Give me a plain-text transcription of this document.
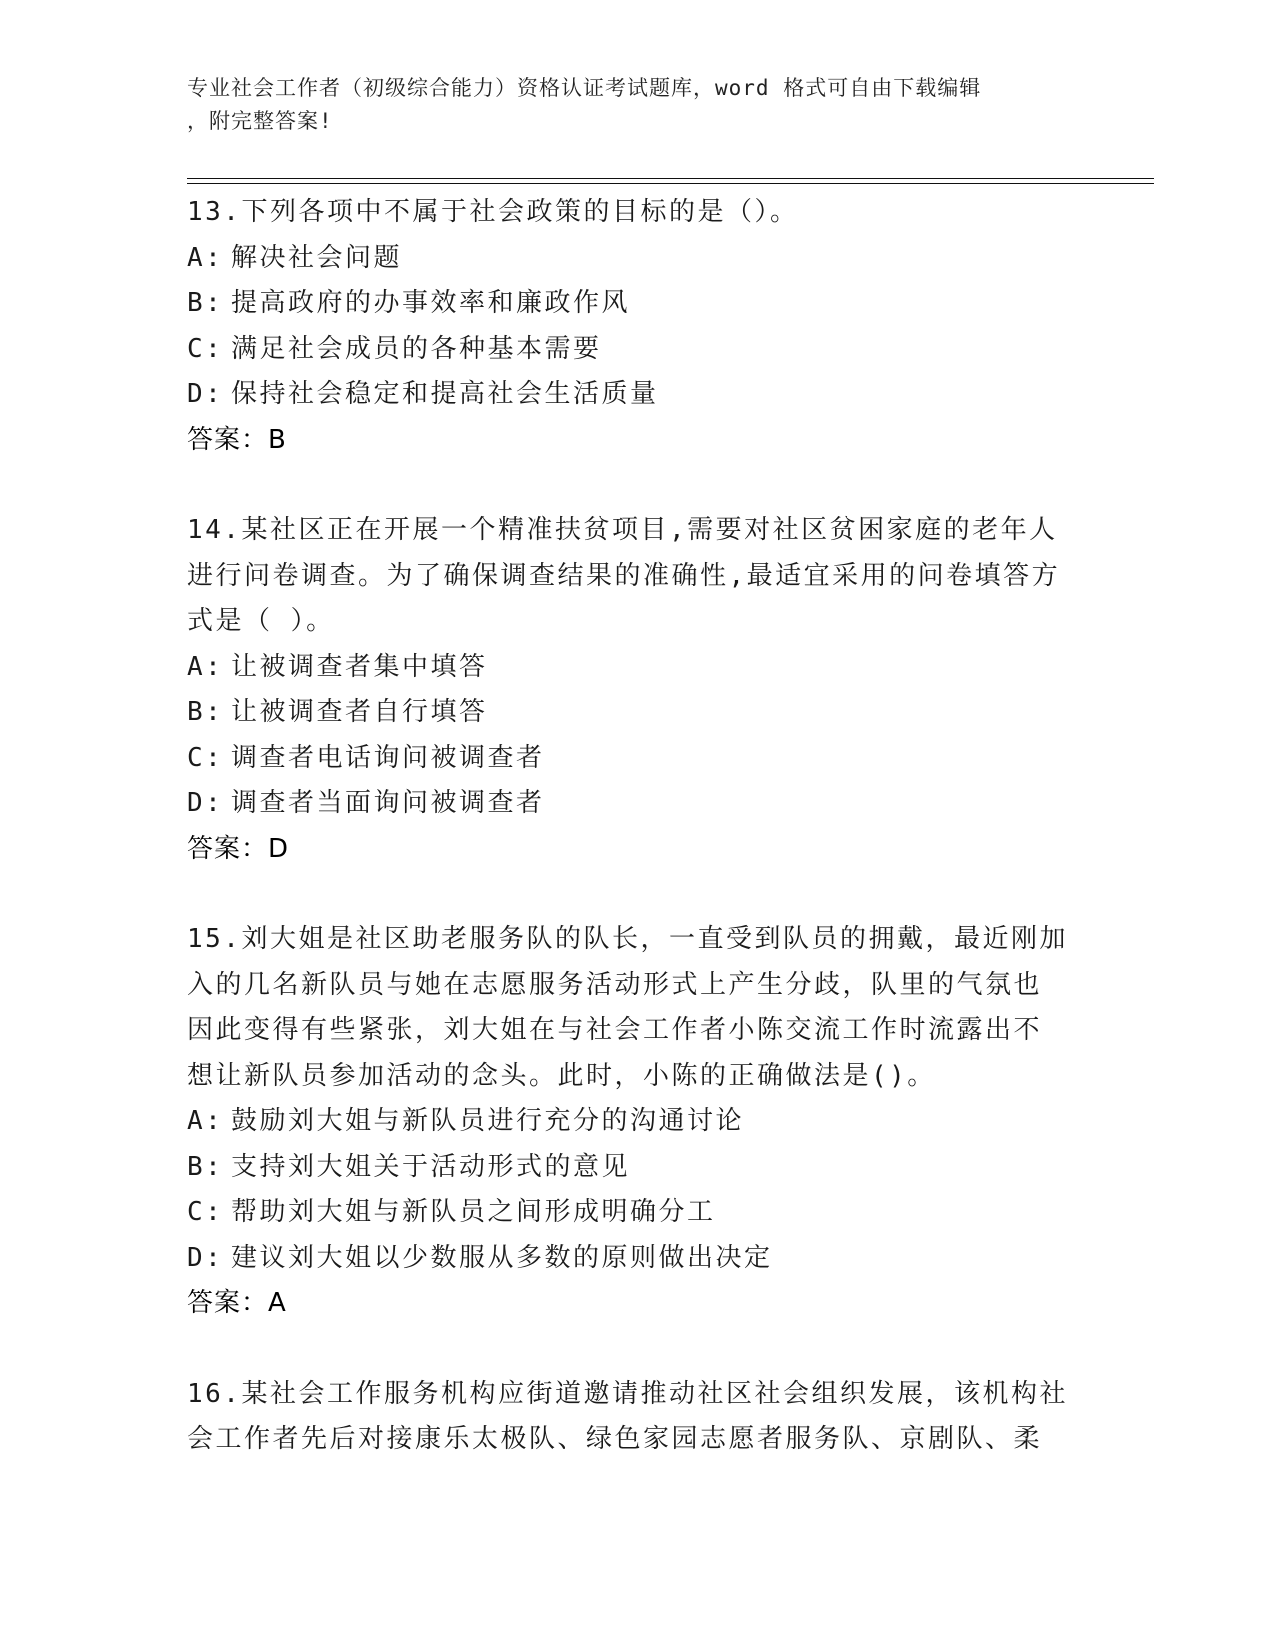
专业社会工作者（初级综合能力）资格认证考试题库，word 格式可自由下载编辑
，附完整答案!
13.下列各项中不属于社会政策的目标的是（）。
A: 解决社会问题
B: 提高政府的办事效率和廉政作风
C: 满足社会成员的各种基本需要
D: 保持社会稳定和提高社会生活质量
答案：B
14.某社区正在开展一个精准扶贫项目,需要对社区贫困家庭的老年人
进行问卷调查。为了确保调查结果的准确性,最适宜采用的问卷填答方
式是（ ）。
A: 让被调查者集中填答
B: 让被调查者自行填答
C: 调查者电话询问被调查者
D: 调查者当面询问被调查者
答案：D
15.刘大姐是社区助老服务队的队长，一直受到队员的拥戴，最近刚加
入的几名新队员与她在志愿服务活动形式上产生分歧，队里的气氛也
因此变得有些紧张，刘大姐在与社会工作者小陈交流工作时流露出不
想让新队员参加活动的念头。此时，小陈的正确做法是()。
A: 鼓励刘大姐与新队员进行充分的沟通讨论
B: 支持刘大姐关于活动形式的意见
C: 帮助刘大姐与新队员之间形成明确分工
D: 建议刘大姐以少数服从多数的原则做出决定
答案：A
16.某社会工作服务机构应街道邀请推动社区社会组织发展，该机构社
会工作者先后对接康乐太极队、绿色家园志愿者服务队、京剧队、柔
